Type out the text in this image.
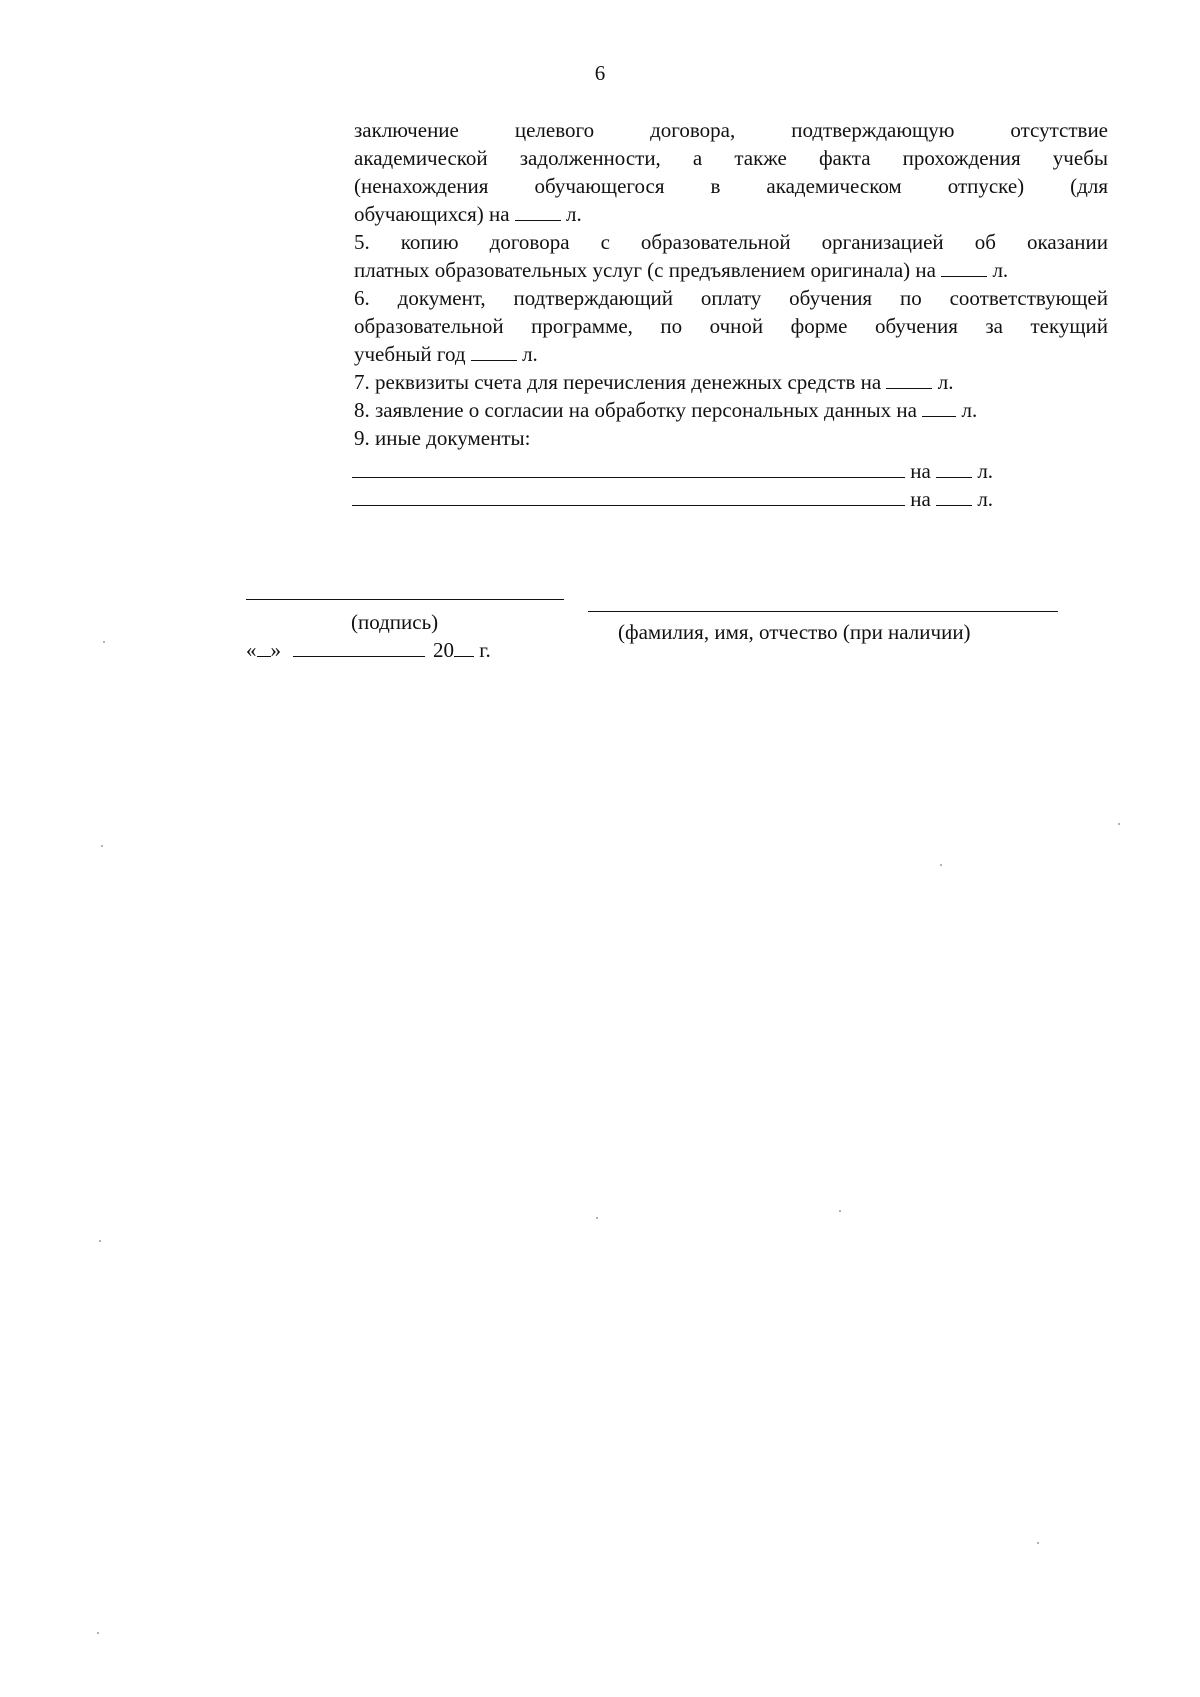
6
заключение целевого договора, подтверждающую отсутствие
академической задолженности, а также факта прохождения учебы
(ненахождения обучающегося в академическом отпуске) (для
обучающихся) на  л.
5. копию договора с образовательной организацией об оказании
платных образовательных услуг (с предъявлением оригинала) на  л.
6. документ, подтверждающий оплату обучения по соответствующей
образовательной программе, по очной форме обучения за текущий
учебный год  л.
7. реквизиты счета для перечисления денежных средств на  л.
8. заявление о согласии на обработку персональных данных на  л.
9. иные документы:
на  л.
на  л.
(подпись)	(фамилия, имя, отчество (при наличии)
« »	20 г.
